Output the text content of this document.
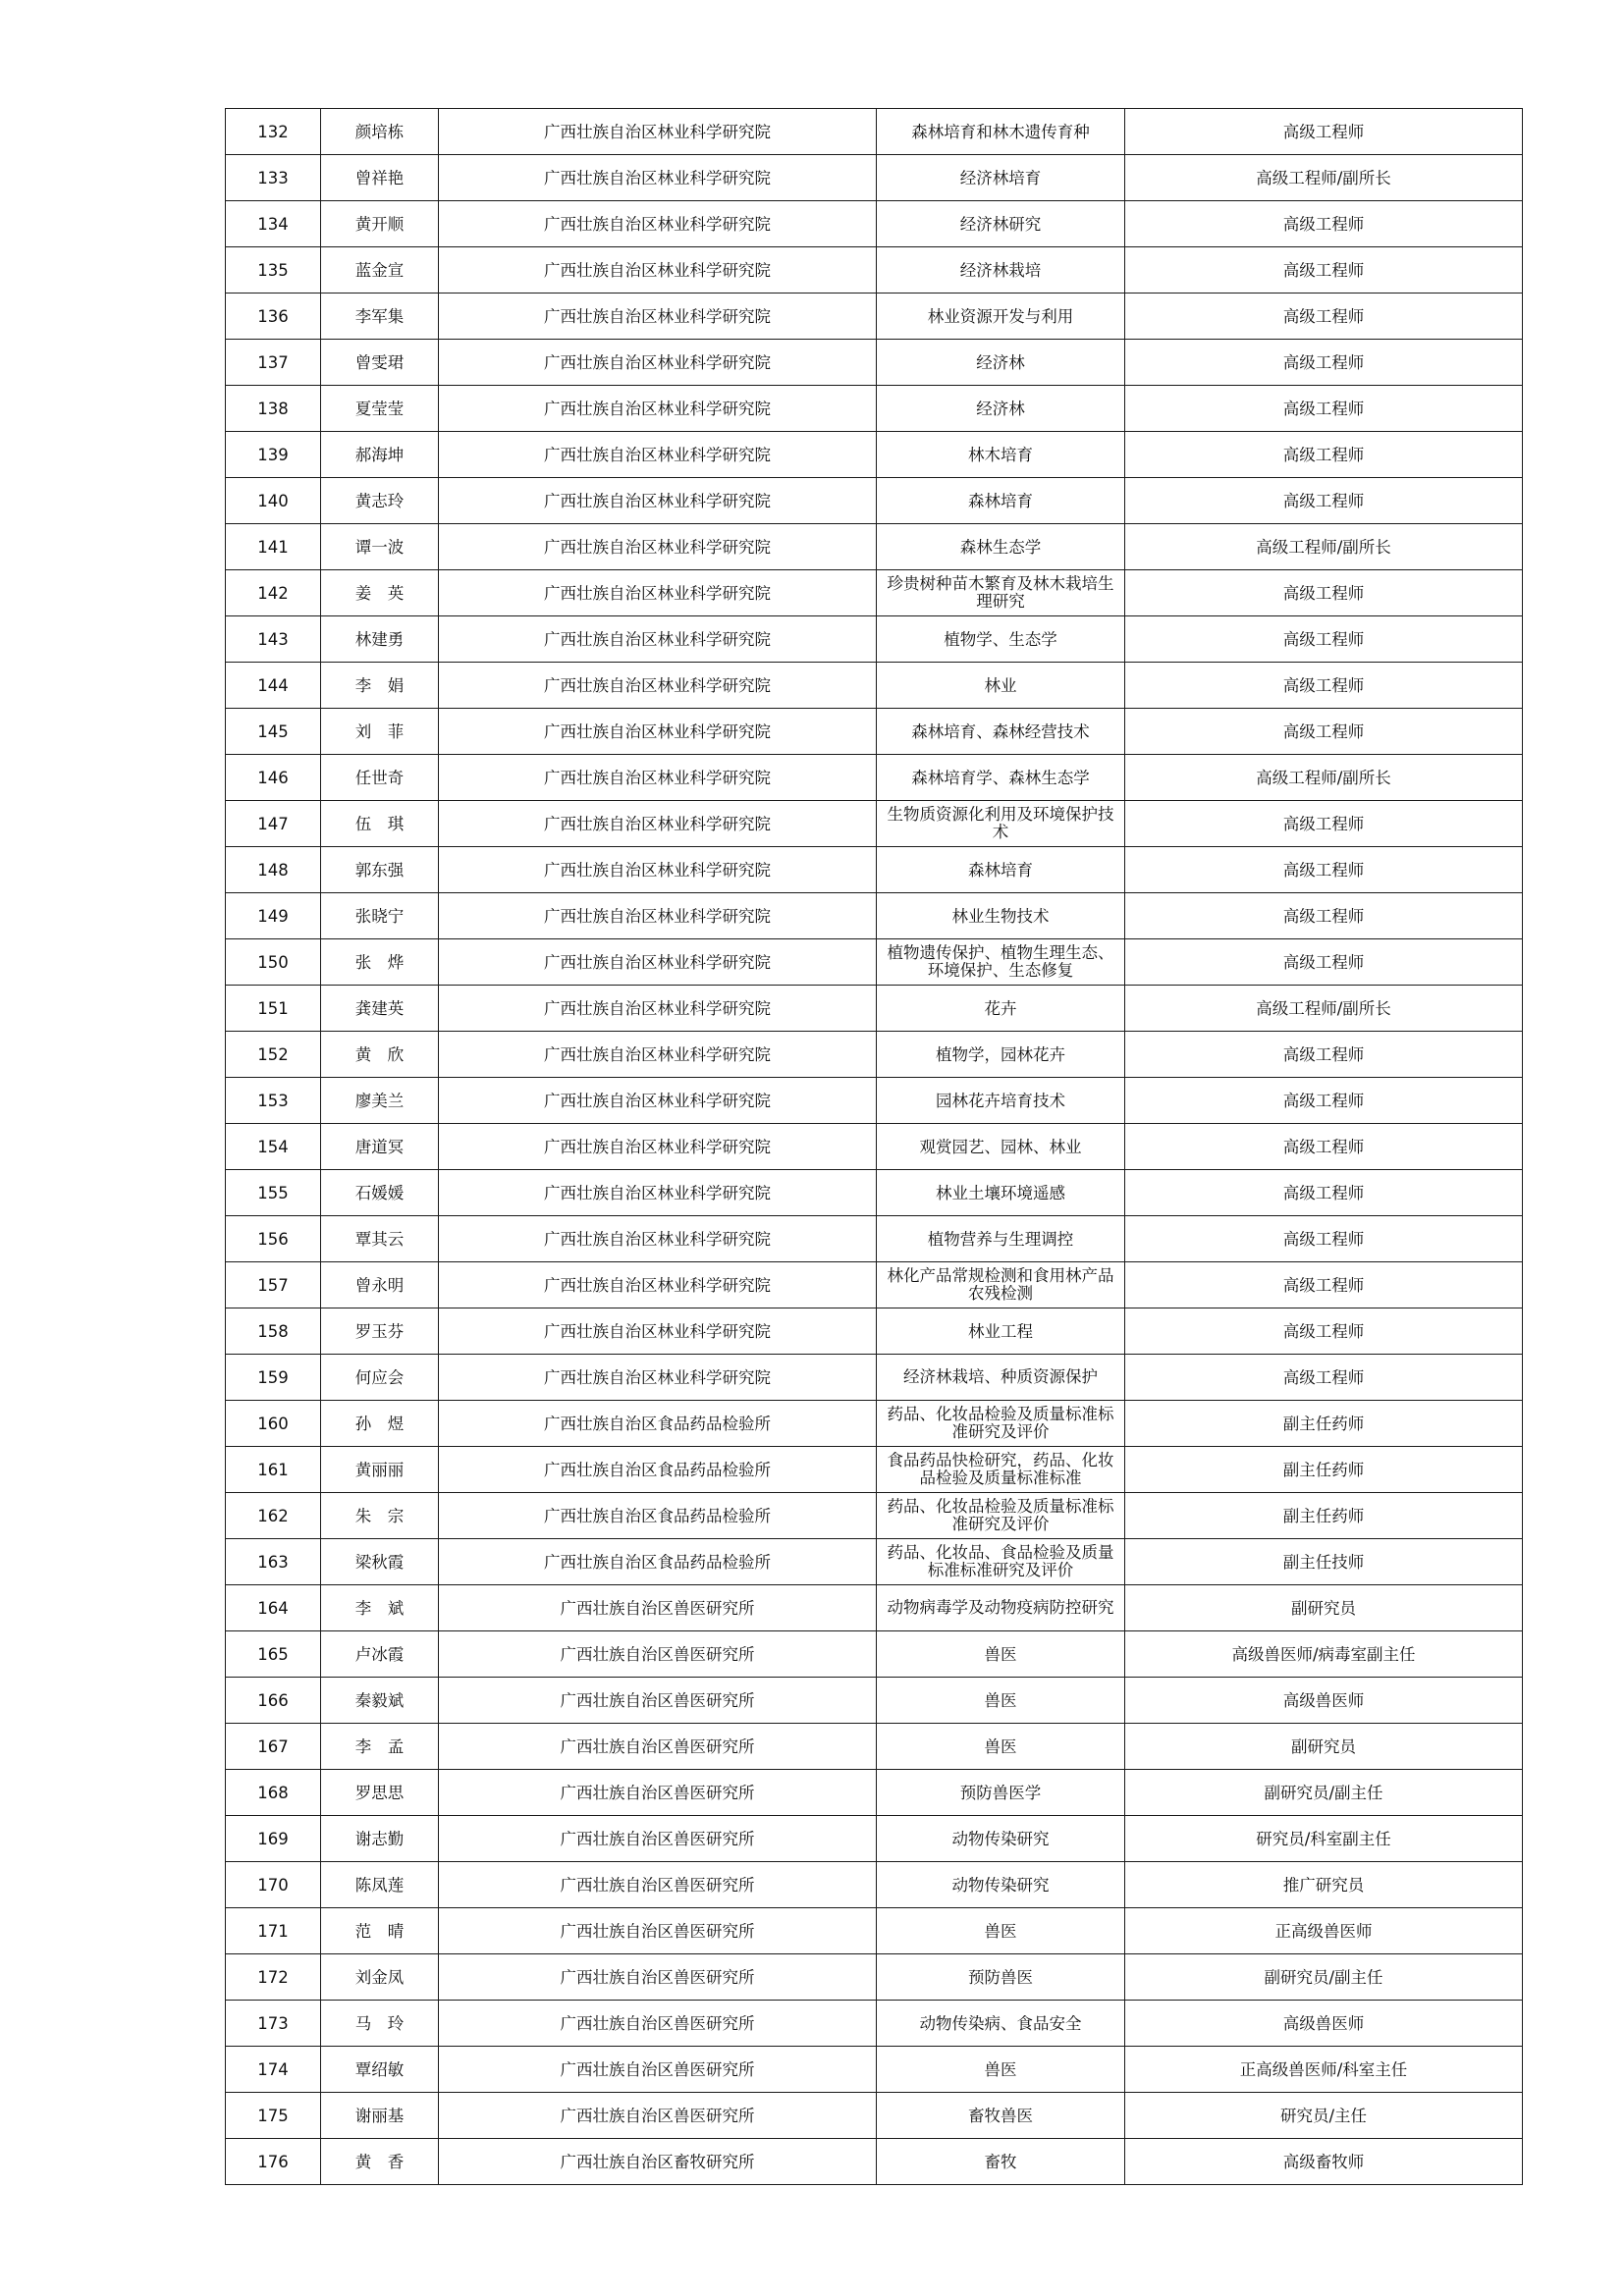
132	颜培栋	广西壮族自治区林业科学研究院	森林培育和林木遗传育种	高级工程师
133	曾祥艳	广西壮族自治区林业科学研究院	经济林培育	高级工程师/副所长
134	黄开顺	广西壮族自治区林业科学研究院	经济林研究	高级工程师
135	蓝金宣	广西壮族自治区林业科学研究院	经济林栽培	高级工程师
136	李军集	广西壮族自治区林业科学研究院	林业资源开发与利用	高级工程师
137	曾雯珺	广西壮族自治区林业科学研究院	经济林	高级工程师
138	夏莹莹	广西壮族自治区林业科学研究院	经济林	高级工程师
139	郝海坤	广西壮族自治区林业科学研究院	林木培育	高级工程师
140	黄志玲	广西壮族自治区林业科学研究院	森林培育	高级工程师
141	谭一波	广西壮族自治区林业科学研究院	森林生态学	高级工程师/副所长
142	姜　英	广西壮族自治区林业科学研究院	珍贵树种苗木繁育及林木栽培生理研究	高级工程师
143	林建勇	广西壮族自治区林业科学研究院	植物学、生态学	高级工程师
144	李　娟	广西壮族自治区林业科学研究院	林业	高级工程师
145	刘　菲	广西壮族自治区林业科学研究院	森林培育、森林经营技术	高级工程师
146	任世奇	广西壮族自治区林业科学研究院	森林培育学、森林生态学	高级工程师/副所长
147	伍　琪	广西壮族自治区林业科学研究院	生物质资源化利用及环境保护技术	高级工程师
148	郭东强	广西壮族自治区林业科学研究院	森林培育	高级工程师
149	张晓宁	广西壮族自治区林业科学研究院	林业生物技术	高级工程师
150	张　烨	广西壮族自治区林业科学研究院	植物遗传保护、植物生理生态、环境保护、生态修复	高级工程师
151	龚建英	广西壮族自治区林业科学研究院	花卉	高级工程师/副所长
152	黄　欣	广西壮族自治区林业科学研究院	植物学，园林花卉	高级工程师
153	廖美兰	广西壮族自治区林业科学研究院	园林花卉培育技术	高级工程师
154	唐道冥	广西壮族自治区林业科学研究院	观赏园艺、园林、林业	高级工程师
155	石媛媛	广西壮族自治区林业科学研究院	林业土壤环境遥感	高级工程师
156	覃其云	广西壮族自治区林业科学研究院	植物营养与生理调控	高级工程师
157	曾永明	广西壮族自治区林业科学研究院	林化产品常规检测和食用林产品农残检测	高级工程师
158	罗玉芬	广西壮族自治区林业科学研究院	林业工程	高级工程师
159	何应会	广西壮族自治区林业科学研究院	经济林栽培、种质资源保护	高级工程师
160	孙　煜	广西壮族自治区食品药品检验所	药品、化妆品检验及质量标准标准研究及评价	副主任药师
161	黄丽丽	广西壮族自治区食品药品检验所	食品药品快检研究，药品、化妆品检验及质量标准标准	副主任药师
162	朱　宗	广西壮族自治区食品药品检验所	药品、化妆品检验及质量标准标准研究及评价	副主任药师
163	梁秋霞	广西壮族自治区食品药品检验所	药品、化妆品、食品检验及质量标准标准研究及评价	副主任技师
164	李　斌	广西壮族自治区兽医研究所	动物病毒学及动物疫病防控研究	副研究员
165	卢冰霞	广西壮族自治区兽医研究所	兽医	高级兽医师/病毒室副主任
166	秦毅斌	广西壮族自治区兽医研究所	兽医	高级兽医师
167	李　孟	广西壮族自治区兽医研究所	兽医	副研究员
168	罗思思	广西壮族自治区兽医研究所	预防兽医学	副研究员/副主任
169	谢志勤	广西壮族自治区兽医研究所	动物传染研究	研究员/科室副主任
170	陈凤莲	广西壮族自治区兽医研究所	动物传染研究	推广研究员
171	范　晴	广西壮族自治区兽医研究所	兽医	正高级兽医师
172	刘金凤	广西壮族自治区兽医研究所	预防兽医	副研究员/副主任
173	马　玲	广西壮族自治区兽医研究所	动物传染病、食品安全	高级兽医师
174	覃绍敏	广西壮族自治区兽医研究所	兽医	正高级兽医师/科室主任
175	谢丽基	广西壮族自治区兽医研究所	畜牧兽医	研究员/主任
176	黄　香	广西壮族自治区畜牧研究所	畜牧	高级畜牧师
